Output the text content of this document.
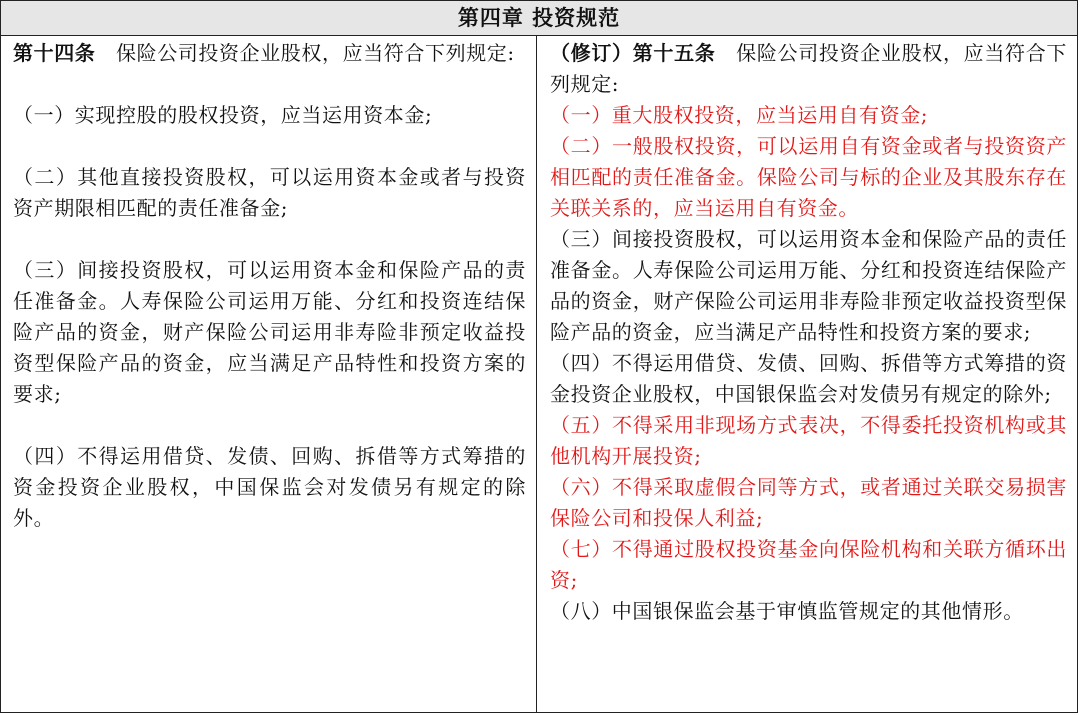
第四章 投资规范

第十四条　保险公司投资企业股权，应当符合下列规定:

（一）实现控股的股权投资，应当运用资本金;

（二）其他直接投资股权，可以运用资本金或者与投资资产期限相匹配的责任准备金;

（三）间接投资股权，可以运用资本金和保险产品的责任准备金。人寿保险公司运用万能、分红和投资连结保险产品的资金，财产保险公司运用非寿险非预定收益投资型保险产品的资金，应当满足产品特性和投资方案的要求;

（四）不得运用借贷、发债、回购、拆借等方式筹措的资金投资企业股权，中国保监会对发债另有规定的除外。

（修订）第十五条　保险公司投资企业股权，应当符合下列规定:

（一）重大股权投资，应当运用自有资金;

（二）一般股权投资，可以运用自有资金或者与投资资产相匹配的责任准备金。保险公司与标的企业及其股东存在关联关系的，应当运用自有资金。

（三）间接投资股权，可以运用资本金和保险产品的责任准备金。人寿保险公司运用万能、分红和投资连结保险产品的资金，财产保险公司运用非寿险非预定收益投资型保险产品的资金，应当满足产品特性和投资方案的要求;

（四）不得运用借贷、发债、回购、拆借等方式筹措的资金投资企业股权，中国银保监会对发债另有规定的除外;

（五）不得采用非现场方式表决，不得委托投资机构或其他机构开展投资;

（六）不得采取虚假合同等方式，或者通过关联交易损害保险公司和投保人利益;

（七）不得通过股权投资基金向保险机构和关联方循环出资;

（八）中国银保监会基于审慎监管规定的其他情形。
